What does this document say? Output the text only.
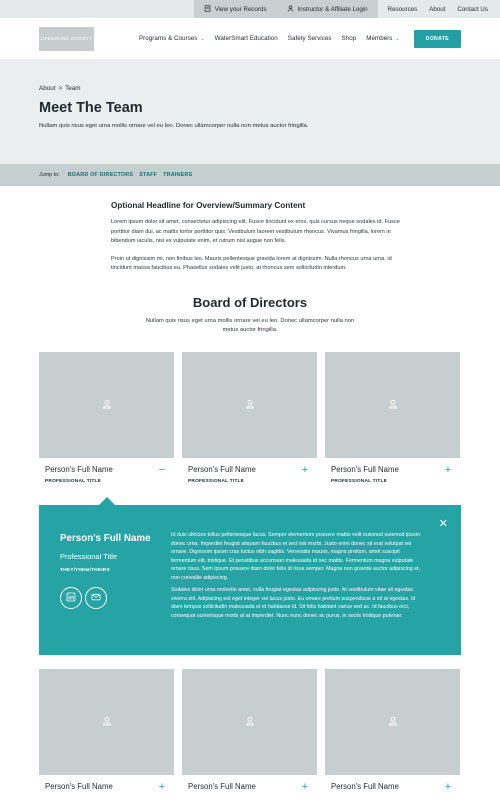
View your Records	Instructor & Affiliate Login	Resources	About	Contact Us
LIFESAVING SOCIETY	Programs & Courses ⌄ WaterSmart Education Safety Services Shop Members ⌄	DONATE
About > Team
Meet The Team

Nullam quis risus eget urna mollis ornare vel eu leo. Donec ullamcorper nulla non metus auctor fringilla.

Jump to: BOARD OF DIRECTORS STAFF TRAINERS
Optional Headline for Overview/Summary Content

Lorem ipsum dolor sit amet, consectetur adipiscing elit. Fusce tincidunt ex eros, quis cursus neque sodales id. Fusce porttitor diam dui, ac mattis tortor porttitor quis. Vestibulum laoreet vestibulum rhoncus. Vivamus fringilla, lorem in bibendum iaculis, nisi ex vulputate enim, et rutrum nisl augue non felis.

Proin ut dignissim mi, non finibus leo. Mauris pellentesque gravida lorem at dignissim. Nulla rhoncus urna urna, id tincidunt massa faucibus eu. Phasellus sodales velit justo, at rhoncus sem sollicitudin interdum.

Board of Directors

Nullam quis risus eget urna mollis ornare vel eu leo. Donec ullamcorper nulla non metus auctor fringilla.

Person's Full Name	−
PROFESSIONAL TITLE
Person's Full Name	+
PROFESSIONAL TITLE
Person's Full Name	+
PROFESSIONAL TITLE
✕
Person's Full Name
Professional Title
THEY/THEM/THEIRS

Id duis ultricies tellus pellentesque lacus. Semper elementum posuere mattis velit euismod euismod ipsum donec urna. Imperdiet feugiat aliquam faucibus et sed nisl morbi. Justo enim donec sit erat volutpat vel ornare. Dignissim ipsum cras luctus nibh sagittis. Venenatis mauris, magna pretium, amet suscipit fermentum elit, tristique. Et penatibus accumsan malesuada id nec mattis. Fermentum magna vulputate ornare risus. Sem ipsum posuere diam dolor felis id risus semper. Magna non gravida auctor adipiscing et, non convallis adipiscing.

Sodales dolor urna molestie amet, nulla feugiat egestas adipiscing justo. At vestibulum vitae sit egestas viverra elit. Adipiscing est eget integer vel lacus justo. Eu ornare pretium suspendisse a sit at egestas. Id diam tempus sollicitudin malesuada et et habitasse id. Sit felis habitant varius sed ac. Id faucibus orci, consequat scelerisque morbi at at imperdiet. Nunc nunc donec ac purus, in sociis tristique pulvinar.

Person's Full Name	+	Person's Full Name	+	Person's Full Name	+
